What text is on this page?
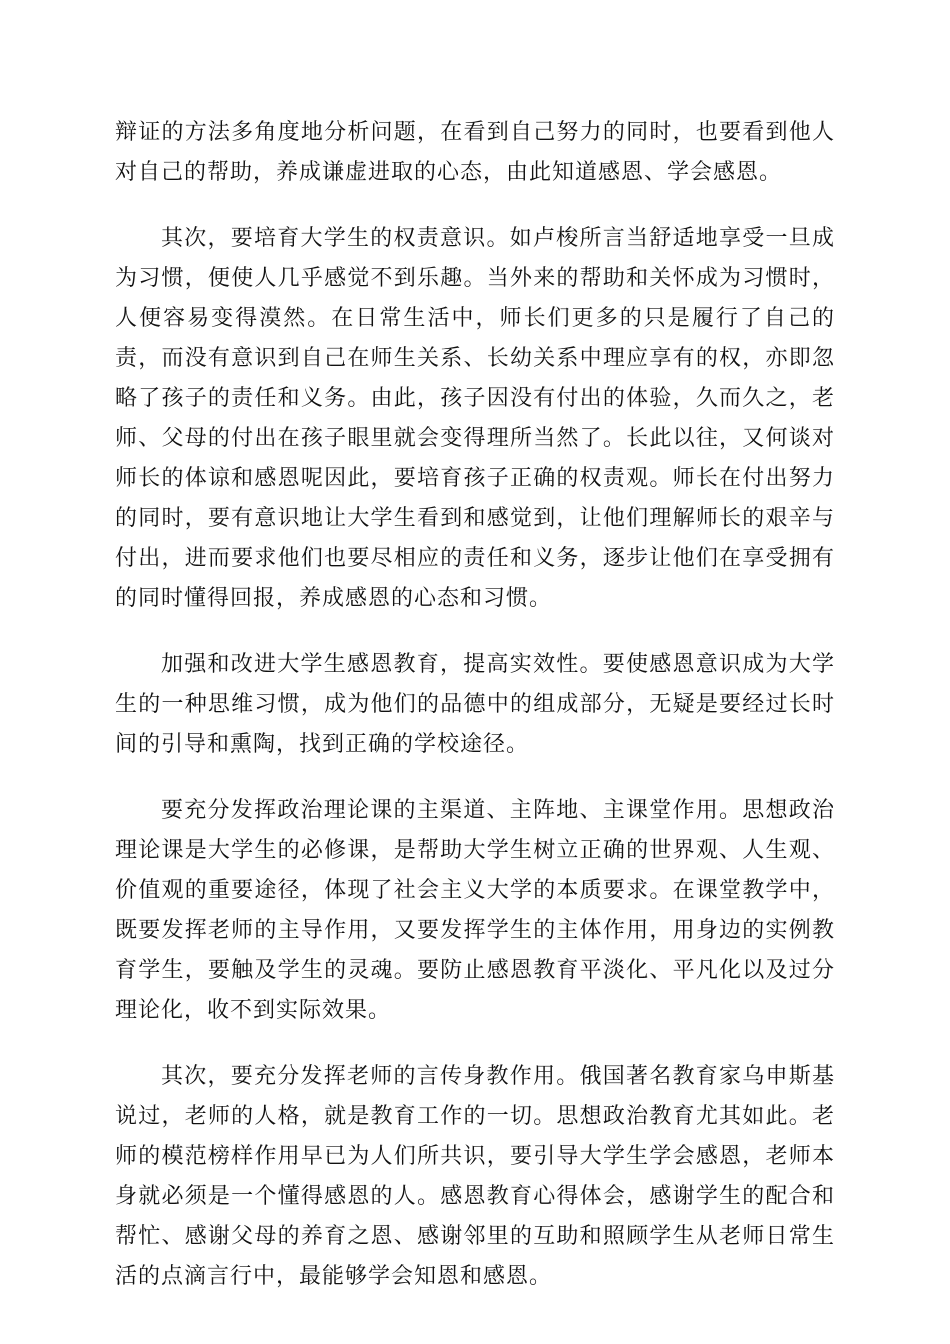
辩证的方法多角度地分析问题，在看到自己努力的同时，也要看到他人对自己的帮助，养成谦虚进取的心态，由此知道感恩、学会感恩。

其次，要培育大学生的权责意识。如卢梭所言当舒适地享受一旦成为习惯，便使人几乎感觉不到乐趣。当外来的帮助和关怀成为习惯时，人便容易变得漠然。在日常生活中，师长们更多的只是履行了自己的责，而没有意识到自己在师生关系、长幼关系中理应享有的权，亦即忽略了孩子的责任和义务。由此，孩子因没有付出的体验，久而久之，老师、父母的付出在孩子眼里就会变得理所当然了。长此以往，又何谈对师长的体谅和感恩呢因此，要培育孩子正确的权责观。师长在付出努力的同时，要有意识地让大学生看到和感觉到，让他们理解师长的艰辛与付出，进而要求他们也要尽相应的责任和义务，逐步让他们在享受拥有的同时懂得回报，养成感恩的心态和习惯。

加强和改进大学生感恩教育，提高实效性。要使感恩意识成为大学生的一种思维习惯，成为他们的品德中的组成部分，无疑是要经过长时间的引导和熏陶，找到正确的学校途径。

要充分发挥政治理论课的主渠道、主阵地、主课堂作用。思想政治理论课是大学生的必修课，是帮助大学生树立正确的世界观、人生观、价值观的重要途径，体现了社会主义大学的本质要求。在课堂教学中，既要发挥老师的主导作用，又要发挥学生的主体作用，用身边的实例教育学生，要触及学生的灵魂。要防止感恩教育平淡化、平凡化以及过分理论化，收不到实际效果。

其次，要充分发挥老师的言传身教作用。俄国著名教育家乌申斯基说过，老师的人格，就是教育工作的一切。思想政治教育尤其如此。老师的模范榜样作用早已为人们所共识，要引导大学生学会感恩，老师本身就必须是一个懂得感恩的人。感恩教育心得体会，感谢学生的配合和帮忙、感谢父母的养育之恩、感谢邻里的互助和照顾学生从老师日常生活的点滴言行中，最能够学会知恩和感恩。
